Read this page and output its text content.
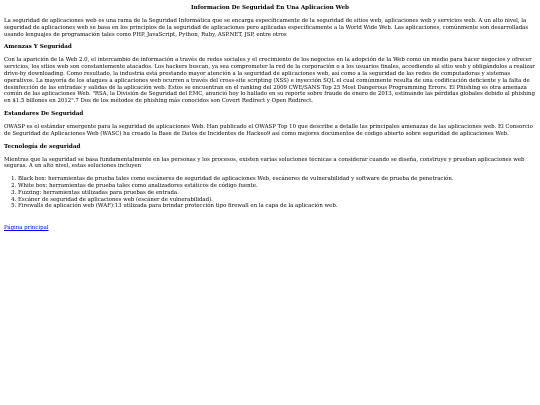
Informacion De Seguridad En Una Aplicacion Web

La seguridad de aplicaciones web es una rama de la Seguridad Informática que se encarga específicamente de la seguridad de sitios web, aplicaciones web y servicios web. A un alto nivel, la seguridad de aplicaciones web se basa en los principios de la seguridad de aplicaciones pero aplicadas específicamente a la World Wide Web. Las aplicaciones, comúnmente son desarrolladas usando lenguajes de programación tales como PHP, JavaScript, Python, Ruby, ASP.NET, JSP, entre otros

Amenzas Y Seguridad

Con la aparición de la Web 2.0, el intercambio de información a través de redes sociales y el crecimiento de los negocios en la adopción de la Web como un medio para hacer negocios y ofrecer servicios, los sitios web son constantemente atacados. Los hackers buscan, ya sea comprometer la red de la corporación o a los usuarios finales, accediendo al sitio web y obligándolos a realizar drive-by downloading. Como resultado, la industria está prestando mayor atención a la seguridad de aplicaciones web, así como a la seguridad de las redes de computadoras y sistemas operativos. La mayoría de los ataques a aplicaciones web ocurren a través del cross-site scripting (XSS) e inyección SQL el cual comúnmente resulta de una codificación deficiente y la falta de desinfección de las entradas y salidas de la aplicación web. Estos se encuentran en el ranking del 2009 CWE/SANS Top 25 Most Dangerous Programming Errors. El Phishing es otra amenaza común de las aplicaciones Web. "RSA, la División de Seguridad del EMC, anunció hoy lo hallado en su reporte sobre fraude de enero de 2013, estimando las pérdidas globales debido al phishing en $1.5 billones en 2012".7 Dos de los métodos de phishing más conocidos son Covert Redirect y Open Redirect.

Estandares De Seguridad

OWASP es el estándar emergente para la seguridad de aplicaciones Web. Han publicado el OWASP Top 10 que describe a detalle las principales amenazas de las aplicaciones web. El Consorcio de Seguridad de Aplicaciones Web (WASC) ha creado la Base de Datos de Incidentes de Hackeo9 así como mejores documentos de código abierto sobre seguridad de aplicaciones Web.

Tecnología de seguridad

Mientras que la seguridad se basa fundamentalmente en las personas y los procesos, existen varias soluciones técnicas a considerar cuando se diseña, construye y prueban aplicaciones web seguras. A un alto nivel, estas soluciones incluyen

1. Black box: herramientas de prueba tales como escáneres de seguridad de aplicaciones Web, escáneres de vulnerabilidad y software de prueba de penetración.
2. White box: herramientas de prueba tales como analizadores estáticos de código fuente.
3. Fuzzing: herramientas utilizadas para pruebas de entrada.
4. Escáner de seguridad de aplicaciones web (escáner de vulnerabilidad).
5. Firewalls de aplicación web (WAF):13 utilizada para brindar protección tipo firewall en la capa de la aplicación web.
Página principal
